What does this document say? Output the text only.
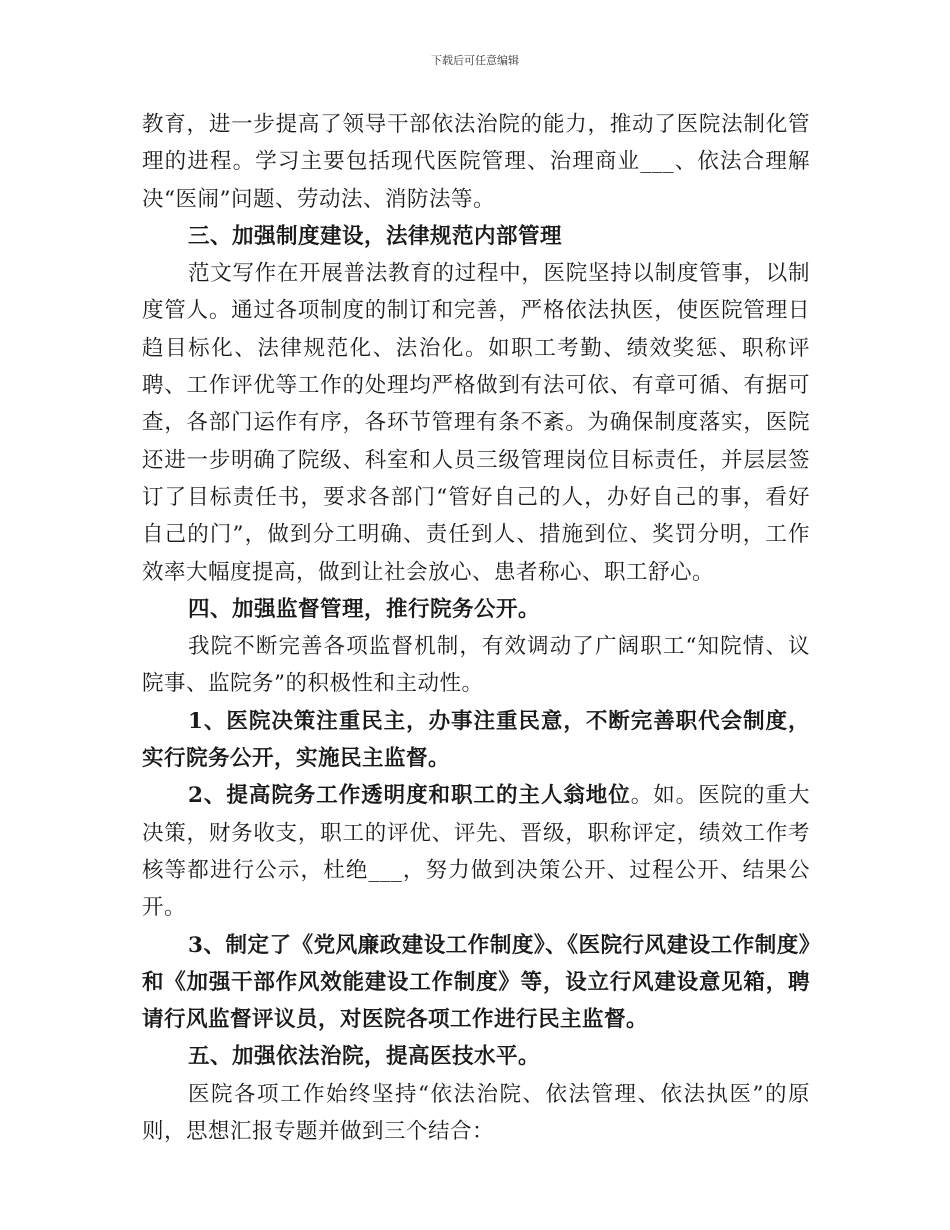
下载后可任意编辑

教育，进一步提高了领导干部依法治院的能力，推动了医院法制化管理的进程。学习主要包括现代医院管理、治理商业___、依法合理解决“医闹”问题、劳动法、消防法等。

三、加强制度建设，法律规范内部管理

范文写作在开展普法教育的过程中，医院坚持以制度管事，以制度管人。通过各项制度的制订和完善，严格依法执医，使医院管理日趋目标化、法律规范化、法治化。如职工考勤、绩效奖惩、职称评聘、工作评优等工作的处理均严格做到有法可依、有章可循、有据可查，各部门运作有序，各环节管理有条不紊。为确保制度落实，医院还进一步明确了院级、科室和人员三级管理岗位目标责任，并层层签订了目标责任书，要求各部门“管好自己的人，办好自己的事，看好自己的门”，做到分工明确、责任到人、措施到位、奖罚分明，工作效率大幅度提高，做到让社会放心、患者称心、职工舒心。

四、加强监督管理，推行院务公开。

我院不断完善各项监督机制，有效调动了广阔职工“知院情、议院事、监院务”的积极性和主动性。

1、医院决策注重民主，办事注重民意，不断完善职代会制度，实行院务公开，实施民主监督。

2、提高院务工作透明度和职工的主人翁地位。如。医院的重大决策，财务收支，职工的评优、评先、晋级，职称评定，绩效工作考核等都进行公示，杜绝___，努力做到决策公开、过程公开、结果公开。

3、制定了《党风廉政建设工作制度》、《医院行风建设工作制度》和《加强干部作风效能建设工作制度》等，设立行风建设意见箱，聘请行风监督评议员，对医院各项工作进行民主监督。

五、加强依法治院，提高医技水平。

医院各项工作始终坚持“依法治院、依法管理、依法执医”的原则，思想汇报专题并做到三个结合：
